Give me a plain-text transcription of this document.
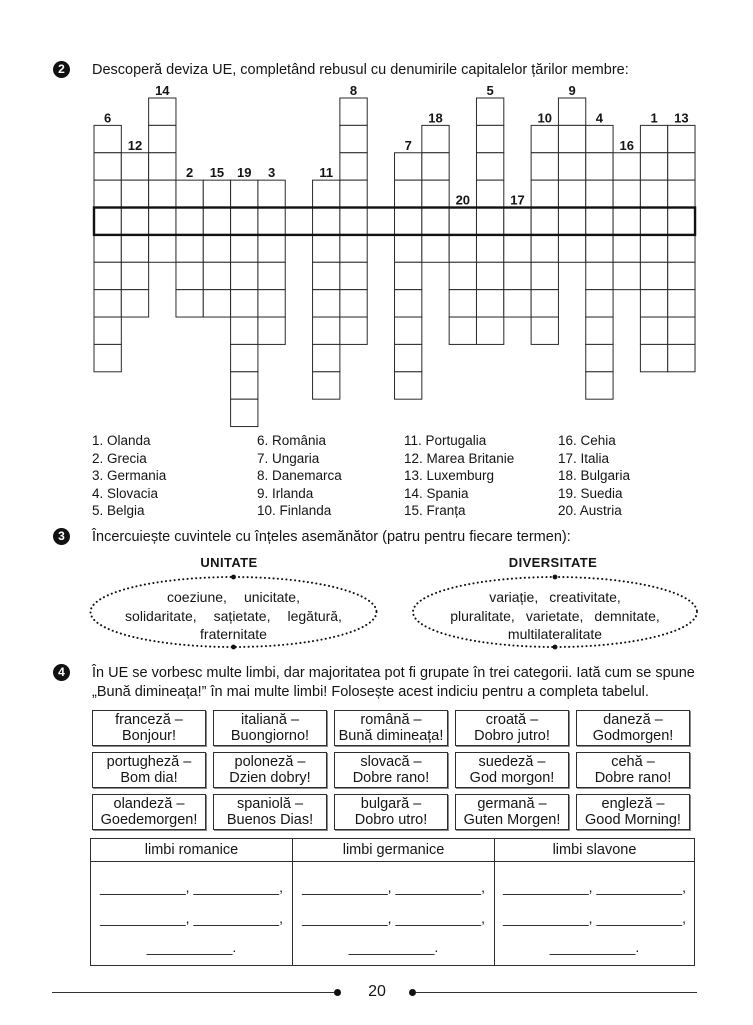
2	Descoperă deviza UE, completând rebusul cu denumirile capitalelor țărilor membre:
6
12
14
2 15 19 3	11
8
7
18
20
5
17
10
9
4
16
1 13
1. Olanda
2. Grecia
3. Germania
4. Slovacia
5. Belgia
6. România
7. Ungaria
8. Danemarca
9. Irlanda
10. Finlanda
11. Portugalia
12. Marea Britanie
13. Luxemburg
14. Spania
15. Franța
16. Cehia
17. Italia
18. Bulgaria
19. Suedia
20. Austria
3	Încercuiește cuvintele cu înțeles asemănător (patru pentru fiecare termen):
UNITATE	DIVERSITATE
coeziune, unicitate,
solidaritate, sațietate, legătură,
fraternitate
variație, creativitate,
pluralitate, varietate, demnitate,
multilateralitate
4	În UE se vorbesc multe limbi, dar majoritatea pot fi grupate în trei categorii. Iată cum se spune
„Bună dimineața!” în mai multe limbi! Folosește acest indiciu pentru a completa tabelul.
franceză –
Bonjour!
italiană –
Buongiorno!
română –
Bună dimineața!
croată –
Dobro jutro!
daneză –
Godmorgen!
portugheză –
Bom dia!
poloneză –
Dzien dobry!
slovacă –
Dobre rano!
suedeză –
God morgon!
cehă –
Dobre rano!
olandeză –
Goedemorgen!
spaniolă –
Buenos Dias!
bulgară –
Dobro utro!
germană –
Guten Morgen!
engleză –
Good Morning!
limbi romanice
___________, ___________,
___________, ___________,
___________.
limbi germanice
___________, ___________,
___________, ___________,
___________.
limbi slavone
___________, ___________,
___________, ___________,
___________.
20
